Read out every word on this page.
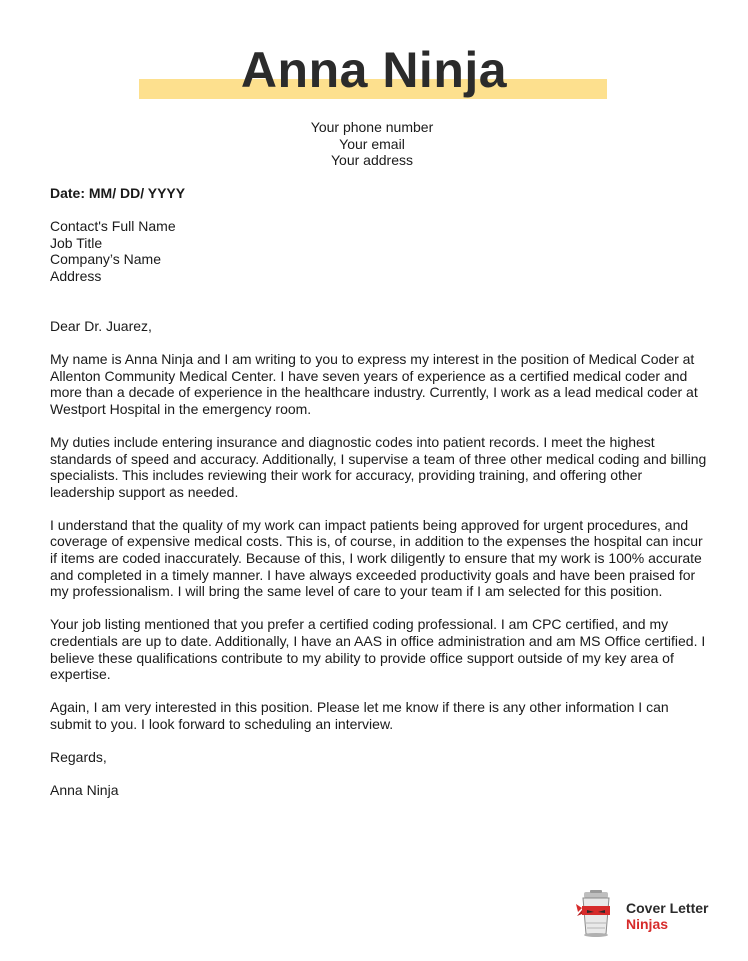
Anna Ninja
Your phone number
Your email
Your address

Date: MM/ DD/ YYYY

Contact's Full Name
Job Title
Company’s Name
Address

Dear Dr. Juarez,

My name is Anna Ninja and I am writing to you to express my interest in the position of Medical Coder at Allenton Community Medical Center. I have seven years of experience as a certified medical coder and more than a decade of experience in the healthcare industry. Currently, I work as a lead medical coder at Westport Hospital in the emergency room.

My duties include entering insurance and diagnostic codes into patient records. I meet the highest standards of speed and accuracy. Additionally, I supervise a team of three other medical coding and billing specialists. This includes reviewing their work for accuracy, providing training, and offering other leadership support as needed.

I understand that the quality of my work can impact patients being approved for urgent procedures, and coverage of expensive medical costs. This is, of course, in addition to the expenses the hospital can incur if items are coded inaccurately. Because of this, I work diligently to ensure that my work is 100% accurate and completed in a timely manner. I have always exceeded productivity goals and have been praised for my professionalism. I will bring the same level of care to your team if I am selected for this position.

Your job listing mentioned that you prefer a certified coding professional. I am CPC certified, and my credentials are up to date. Additionally, I have an AAS in office administration and am MS Office certified. I believe these qualifications contribute to my ability to provide office support outside of my key area of expertise.

Again, I am very interested in this position. Please let me know if there is any other information I can submit to you. I look forward to scheduling an interview.

Regards,

Anna Ninja

Cover Letter
Ninjas
